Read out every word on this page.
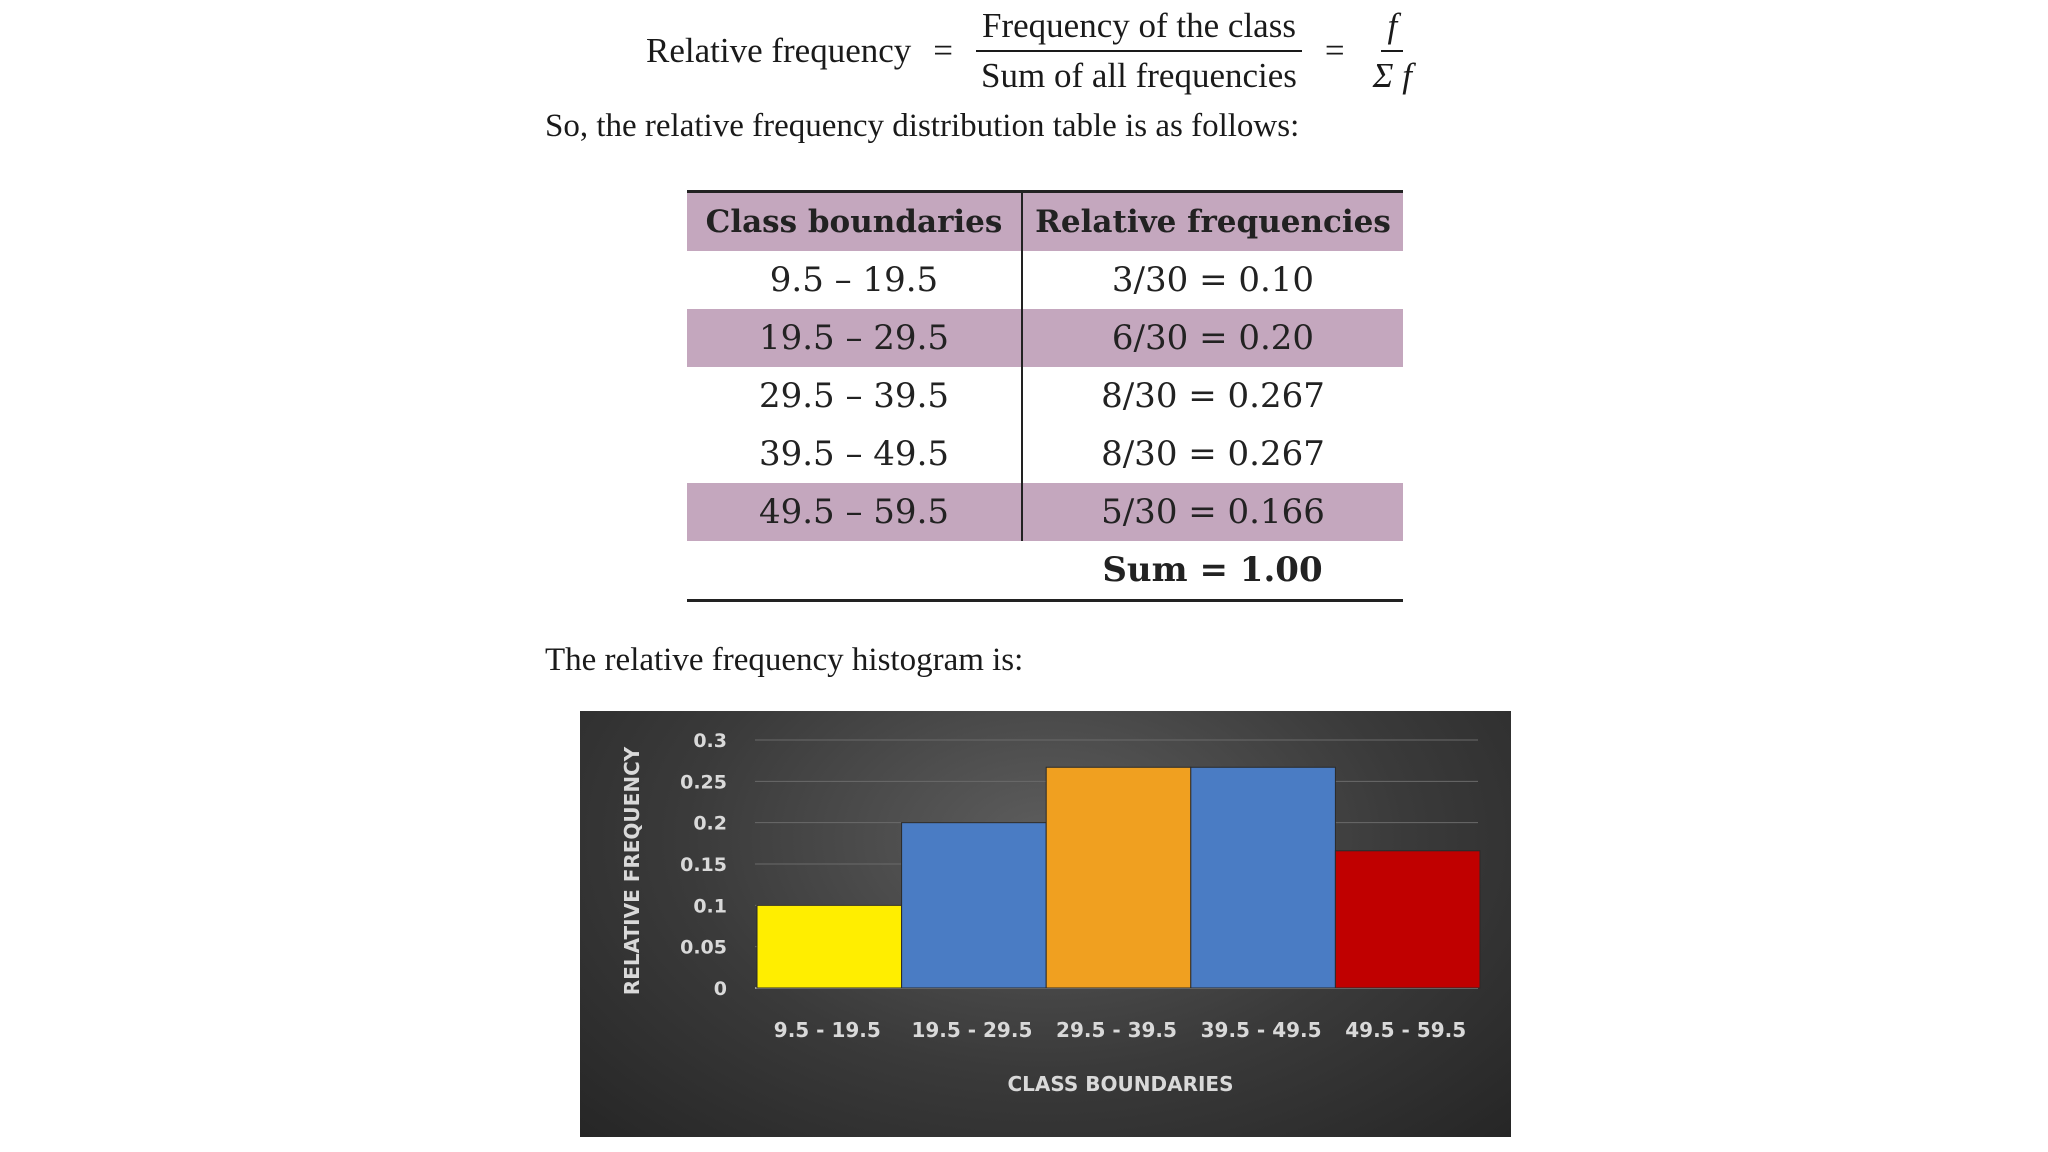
Relative frequency = $\frac{\text{Frequency of the class}}{\text{Sum of all frequencies}} = \frac{f}{\text{Σ f}}$
So, the relative frequency distribution table is as follows:
Class boundaries	Relative frequencies
9.5 – 19.5	3/30 = 0.10
19.5 – 29.5	6/30 = 0.20
29.5 – 39.5	8/30 = 0.267
39.5 – 49.5	8/30 = 0.267
49.5 – 59.5	5/30 = 0.166
	Sum = 1.00
The relative frequency histogram is:
0
0.05
0.1
0.15
0.2
0.25
0.3
9.5 - 19.5 19.5 - 29.5 29.5 - 39.5 39.5 - 49.5 49.5 - 59.5
CLASS BOUNDARIES
RELATIVE FREQUENCY
